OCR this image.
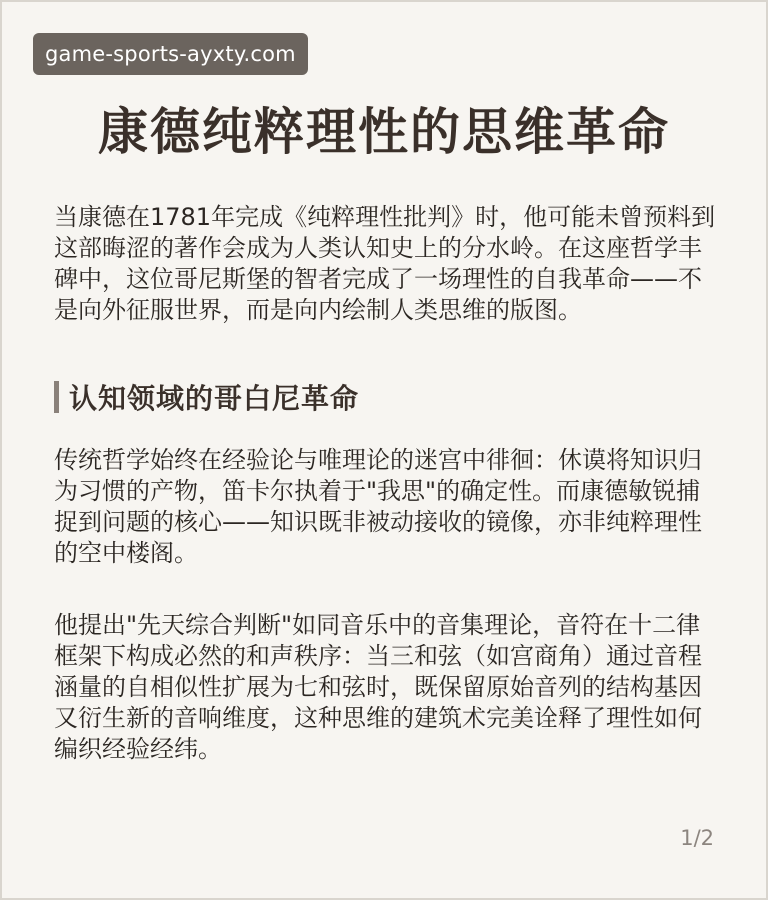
game-sports-ayxty.com
康德纯粹理性的思维革命

当康德在1781年完成《纯粹理性批判》时，他可能未曾预料到这部晦涩的著作会成为人类认知史上的分水岭。在这座哲学丰碑中，这位哥尼斯堡的智者完成了一场理性的自我革命——不是向外征服世界，而是向内绘制人类思维的版图。

认知领域的哥白尼革命

传统哲学始终在经验论与唯理论的迷宫中徘徊：休谟将知识归为习惯的产物，笛卡尔执着于"我思"的确定性。而康德敏锐捕捉到问题的核心——知识既非被动接收的镜像，亦非纯粹理性的空中楼阁。

他提出"先天综合判断"如同音乐中的音集理论，音符在十二律框架下构成必然的和声秩序：当三和弦（如宫商角）通过音程涵量的自相似性扩展为七和弦时，既保留原始音列的结构基因又衍生新的音响维度，这种思维的建筑术完美诠释了理性如何编织经验经纬。

1/2
